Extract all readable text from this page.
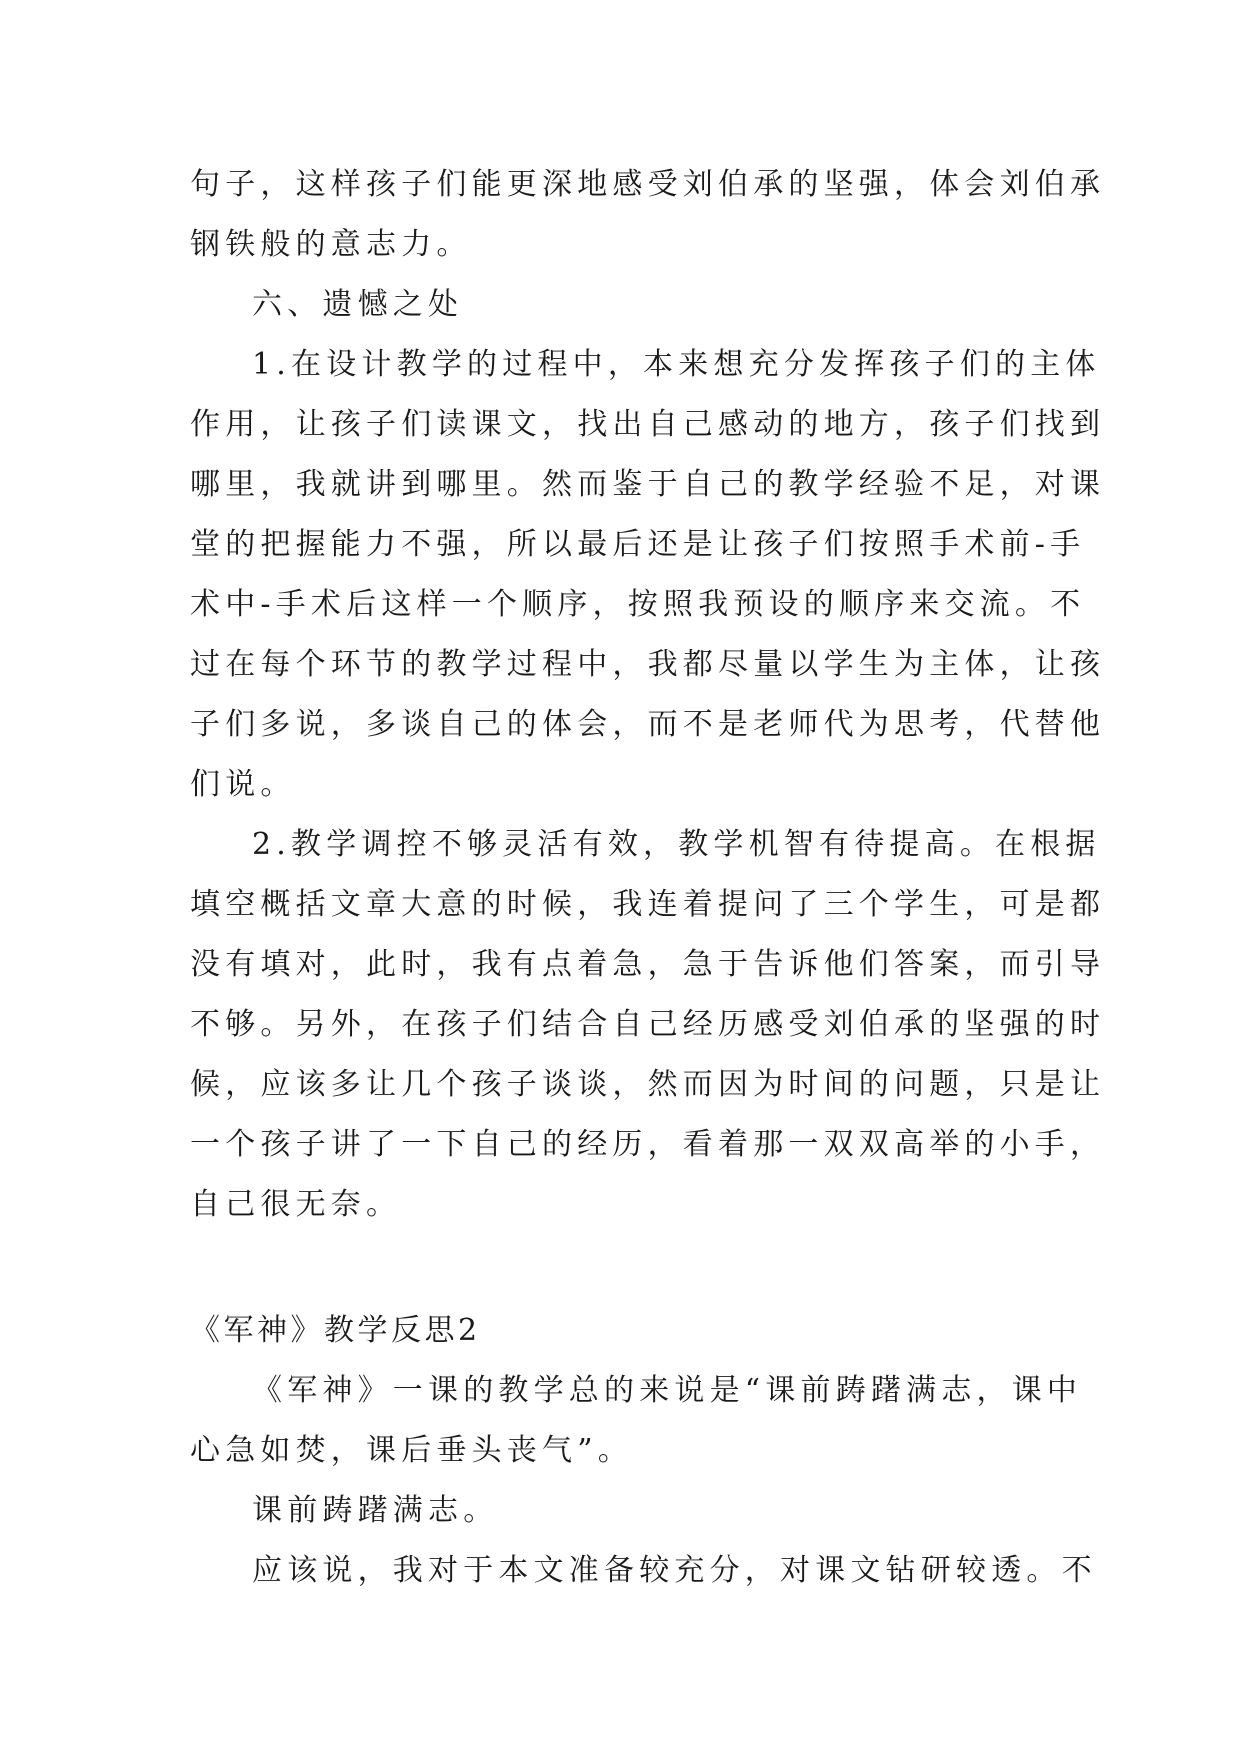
句子，这样孩子们能更深地感受刘伯承的坚强，体会刘伯承
钢铁般的意志力。
六、遗憾之处
1.在设计教学的过程中，本来想充分发挥孩子们的主体
作用，让孩子们读课文，找出自己感动的地方，孩子们找到
哪里，我就讲到哪里。然而鉴于自己的教学经验不足，对课
堂的把握能力不强，所以最后还是让孩子们按照手术前-手
术中-手术后这样一个顺序，按照我预设的顺序来交流。不
过在每个环节的教学过程中，我都尽量以学生为主体，让孩
子们多说，多谈自己的体会，而不是老师代为思考，代替他
们说。
2.教学调控不够灵活有效，教学机智有待提高。在根据
填空概括文章大意的时候，我连着提问了三个学生，可是都
没有填对，此时，我有点着急，急于告诉他们答案，而引导
不够。另外，在孩子们结合自己经历感受刘伯承的坚强的时
候，应该多让几个孩子谈谈，然而因为时间的问题，只是让
一个孩子讲了一下自己的经历，看着那一双双高举的小手，
自己很无奈。
《军神》教学反思2
《军神》一课的教学总的来说是“课前踌躇满志，课中
心急如焚，课后垂头丧气”。
课前踌躇满志。
应该说，我对于本文准备较充分，对课文钻研较透。不
